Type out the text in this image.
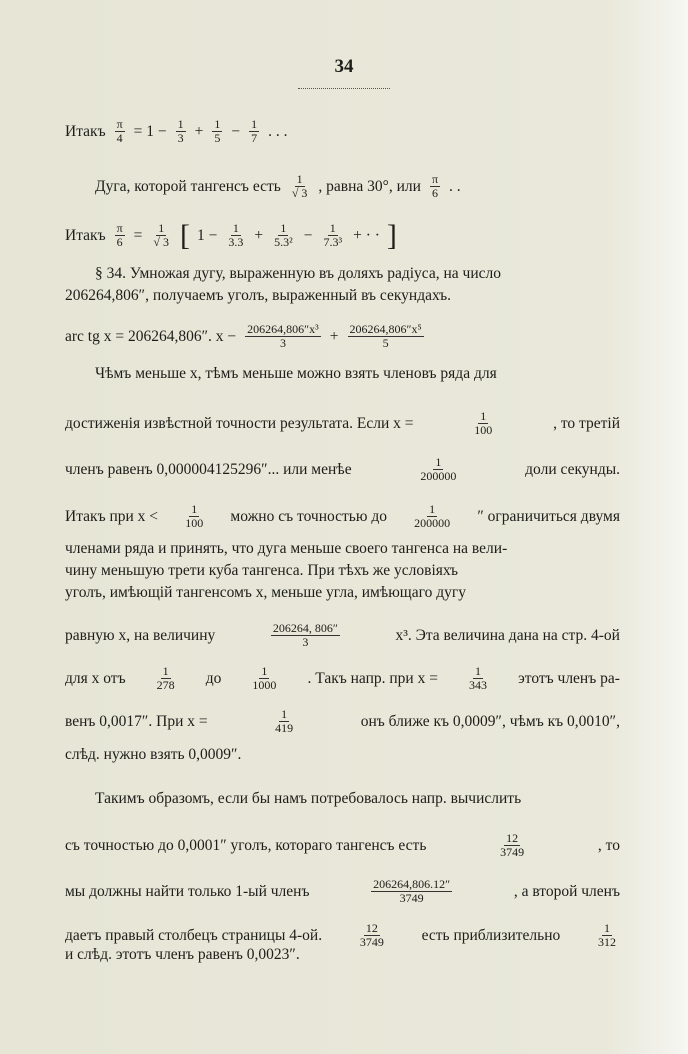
34
Итакъ $\frac{\pi}{4} = 1 - \frac{1}{3} + \frac{1}{5} - \frac{1}{7}$ . . .
Дуга, которой тангенсъ есть $\frac{1}{√ 3}$ , равна 30°, или $\frac{\pi}{6}$ . .
Итакъ $\frac{\pi}{6} = \frac{1}{√ 3}$ [ $1 - \frac{1}{3.3} + \frac{1}{\text{5.3²}} - \frac{1}{\text{7.3³}}$ + · · ]
§ 34. Умножая дугу, выраженную въ доляхъ радіуса, на число
206264,806″, получаемъ уголъ, выраженный въ секундахъ.
arc tg x = 206264,806″. $x - \frac{\text{206264,806″x³}}{3} + \frac{\text{206264,806″x⁵}}{5}$
Чѣмъ меньше x, тѣмъ меньше можно взять членовъ ряда для
достиженія извѣстной точности результата. Если x =	$\frac{1}{100}$	, то третій
членъ равенъ 0,000004125296″... или менѣе	$\frac{1}{200000}$	доли секунды.
Итакъ при $x < \frac{1}{100}$ можно съ точностью до $\frac{1}{200000}$ ″ ограничиться двумя
членами ряда и принять, что дуга меньше своего тангенса на вели-
чину меньшую трети куба тангенса. При тѣхъ же условіяхъ
уголъ, имѣющій тангенсомъ x, меньше угла, имѣющаго дугу
равную x, на величину	$\frac{206264, 806''}{3}$	x³. Эта величина дана на стр. 4-ой
для x отъ $\frac{1}{278}$ до $\frac{1}{1000}$ . Такъ напр. при $x = \frac{1}{343}$ этотъ членъ ра-
венъ 0,0017″. При x =	$\frac{1}{419}$	онъ ближе къ 0,0009″, чѣмъ къ 0,0010″,
слѣд. нужно взять 0,0009″.
Такимъ образомъ, если бы намъ потребовалось напр. вычислить
съ точностью до 0,0001″ уголъ, котораго тангенсъ есть	$\frac{12}{3749}$	, то
мы должны найти только 1-ый членъ	$\frac{206264,806.12''}{3749}$	, а второй членъ
даетъ правый столбецъ страницы 4-ой.	$\frac{12}{3749}$ есть приблизительно	$\frac{1}{312}$
и слѣд. этотъ членъ равенъ 0,0023″.
